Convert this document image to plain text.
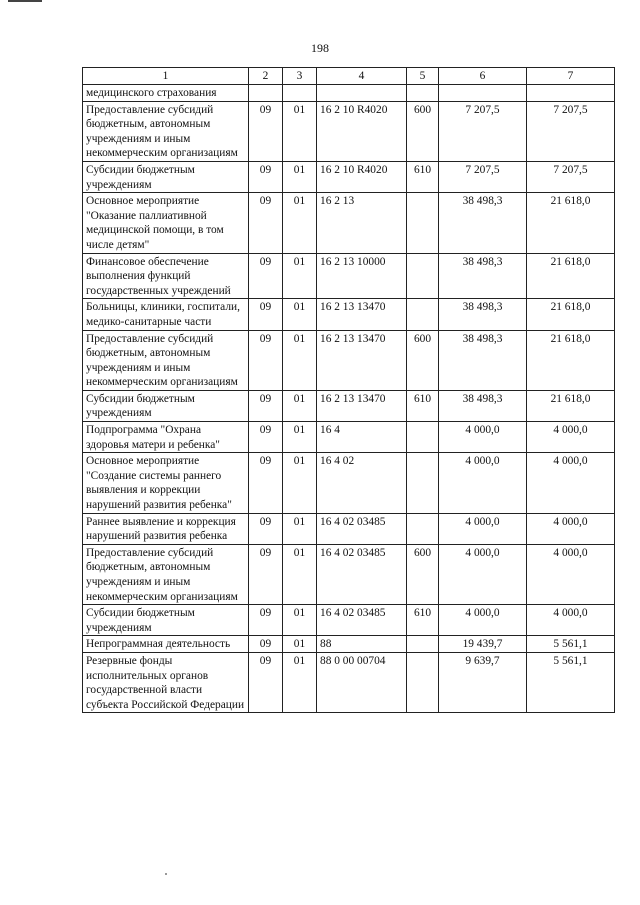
198
1	2	3	4	5	6	7
медицинского страхования						
Предоставление субсидий бюджетным, автономным учреждениям и иным некоммерческим организациям	09	01	16 2 10 R4020	600	7 207,5	7 207,5
Субсидии бюджетным учреждениям	09	01	16 2 10 R4020	610	7 207,5	7 207,5
Основное мероприятие "Оказание паллиативной медицинской помощи, в том числе детям"	09	01	16 2 13		38 498,3	21 618,0
Финансовое обеспечение выполнения функций государственных учреждений	09	01	16 2 13 10000		38 498,3	21 618,0
Больницы, клиники, госпитали, медико-санитарные части	09	01	16 2 13 13470		38 498,3	21 618,0
Предоставление субсидий бюджетным, автономным учреждениям и иным некоммерческим организациям	09	01	16 2 13 13470	600	38 498,3	21 618,0
Субсидии бюджетным учреждениям	09	01	16 2 13 13470	610	38 498,3	21 618,0
Подпрограмма "Охрана здоровья матери и ребенка"	09	01	16 4		4 000,0	4 000,0
Основное мероприятие "Создание системы раннего выявления и коррекции нарушений развития ребенка"	09	01	16 4 02		4 000,0	4 000,0
Раннее выявление и коррекция нарушений развития ребенка	09	01	16 4 02 03485		4 000,0	4 000,0
Предоставление субсидий бюджетным, автономным учреждениям и иным некоммерческим организациям	09	01	16 4 02 03485	600	4 000,0	4 000,0
Субсидии бюджетным учреждениям	09	01	16 4 02 03485	610	4 000,0	4 000,0
Непрограммная деятельность	09	01	88		19 439,7	5 561,1
Резервные фонды исполнительных органов государственной власти субъекта Российской Федерации	09	01	88 0 00 00704		9 639,7	5 561,1
